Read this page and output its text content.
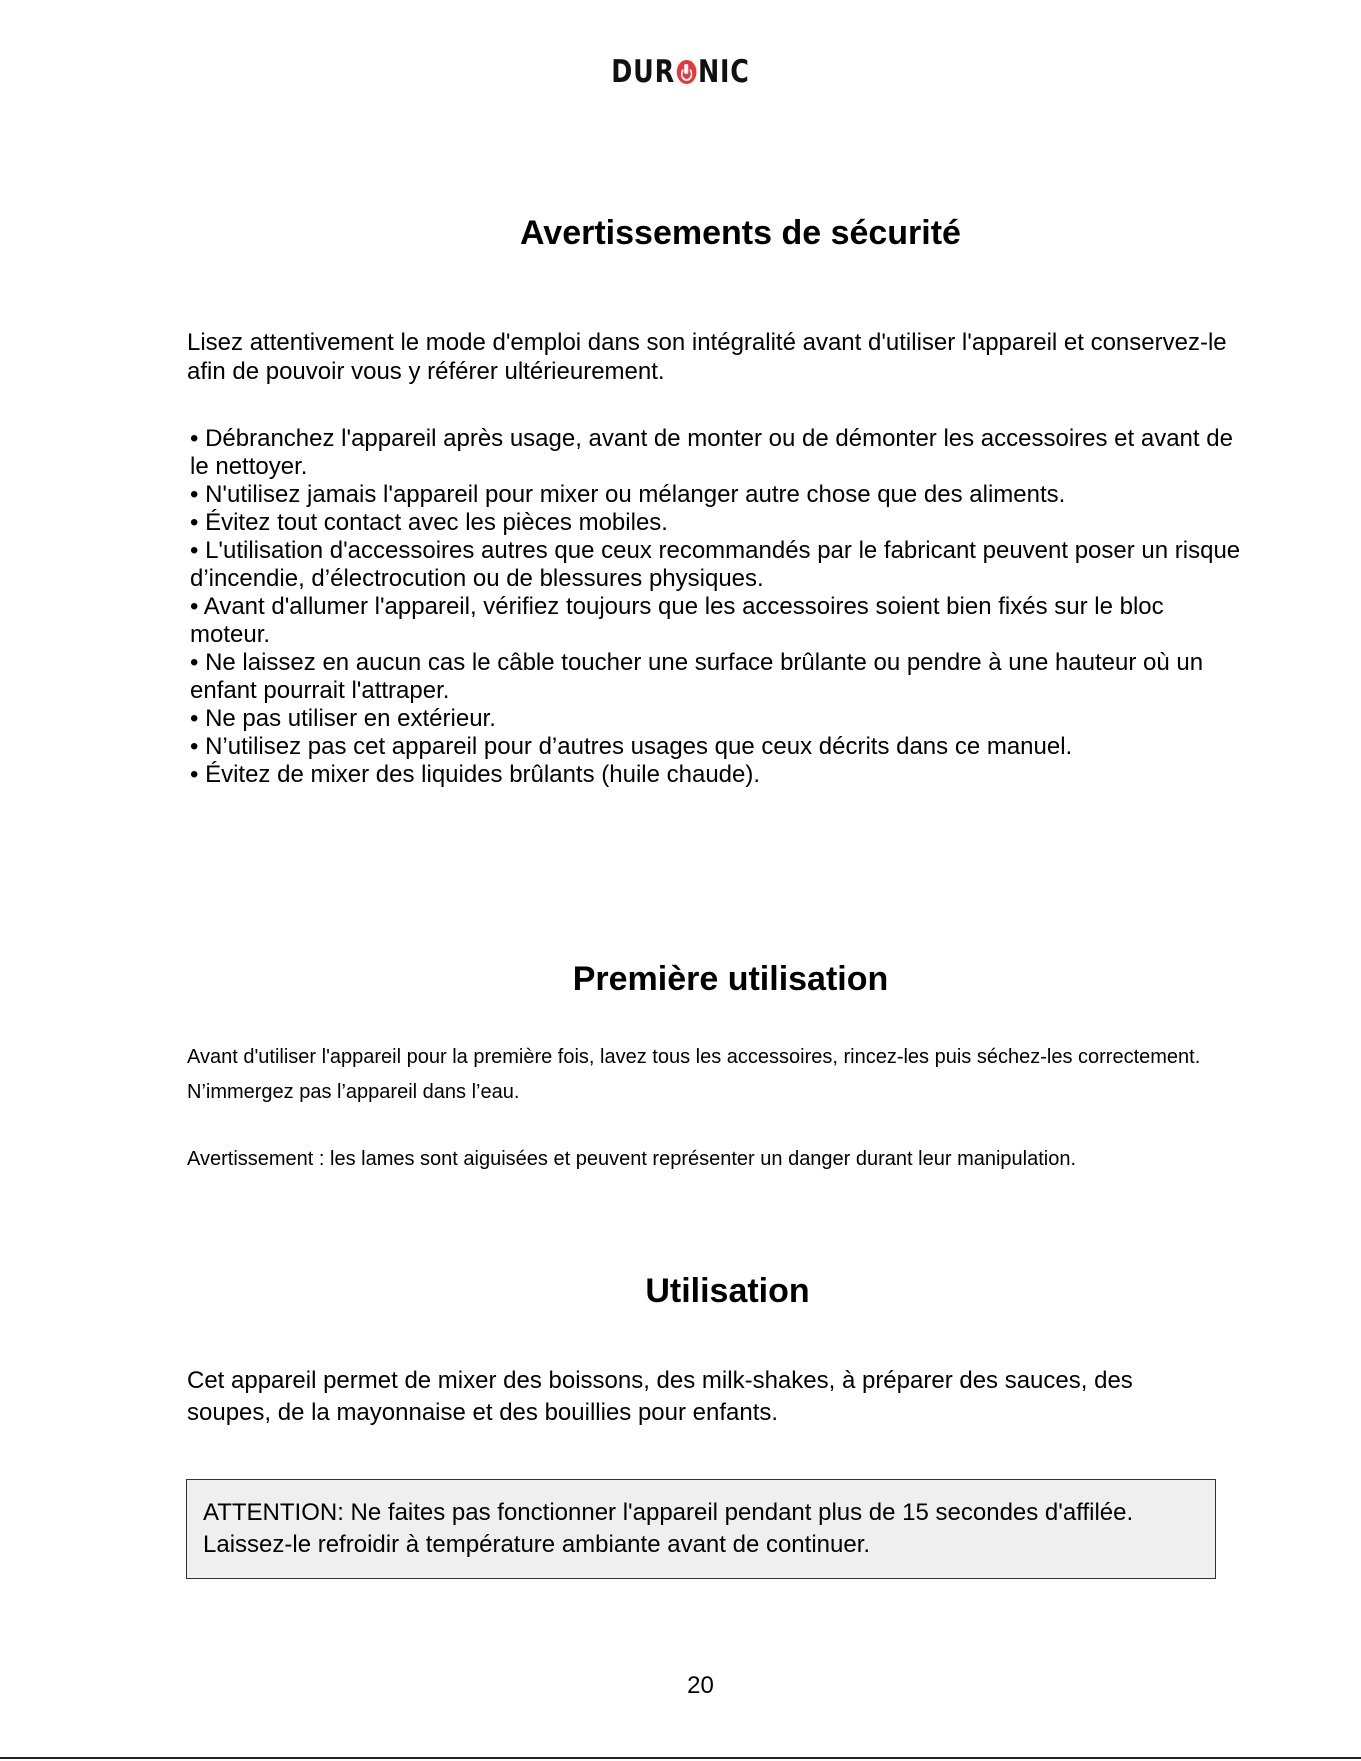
DUR NIC
Avertissements de sécurité

Lisez attentivement le mode d'emploi dans son intégralité avant d'utiliser l'appareil et conservez-le afin de pouvoir vous y référer ultérieurement.

• Débranchez l'appareil après usage, avant de monter ou de démonter les accessoires et avant de le nettoyer.
• N'utilisez jamais l'appareil pour mixer ou mélanger autre chose que des aliments.
• Évitez tout contact avec les pièces mobiles.
• L'utilisation d'accessoires autres que ceux recommandés par le fabricant peuvent poser un risque d’incendie, d’électrocution ou de blessures physiques.
• Avant d'allumer l'appareil, vérifiez toujours que les accessoires soient bien fixés sur le bloc moteur.
• Ne laissez en aucun cas le câble toucher une surface brûlante ou pendre à une hauteur où un enfant pourrait l'attraper.
• Ne pas utiliser en extérieur.
• N’utilisez pas cet appareil pour d’autres usages que ceux décrits dans ce manuel.
• Évitez de mixer des liquides brûlants (huile chaude).
Première utilisation

Avant d'utiliser l'appareil pour la première fois, lavez tous les accessoires, rincez-les puis séchez-les correctement. N’immergez pas l’appareil dans l’eau.

Avertissement : les lames sont aiguisées et peuvent représenter un danger durant leur manipulation.

Utilisation

Cet appareil permet de mixer des boissons, des milk-shakes, à préparer des sauces, des soupes, de la mayonnaise et des bouillies pour enfants.

ATTENTION: Ne faites pas fonctionner l'appareil pendant plus de 15 secondes d'affilée. Laissez-le refroidir à température ambiante avant de continuer.
20
